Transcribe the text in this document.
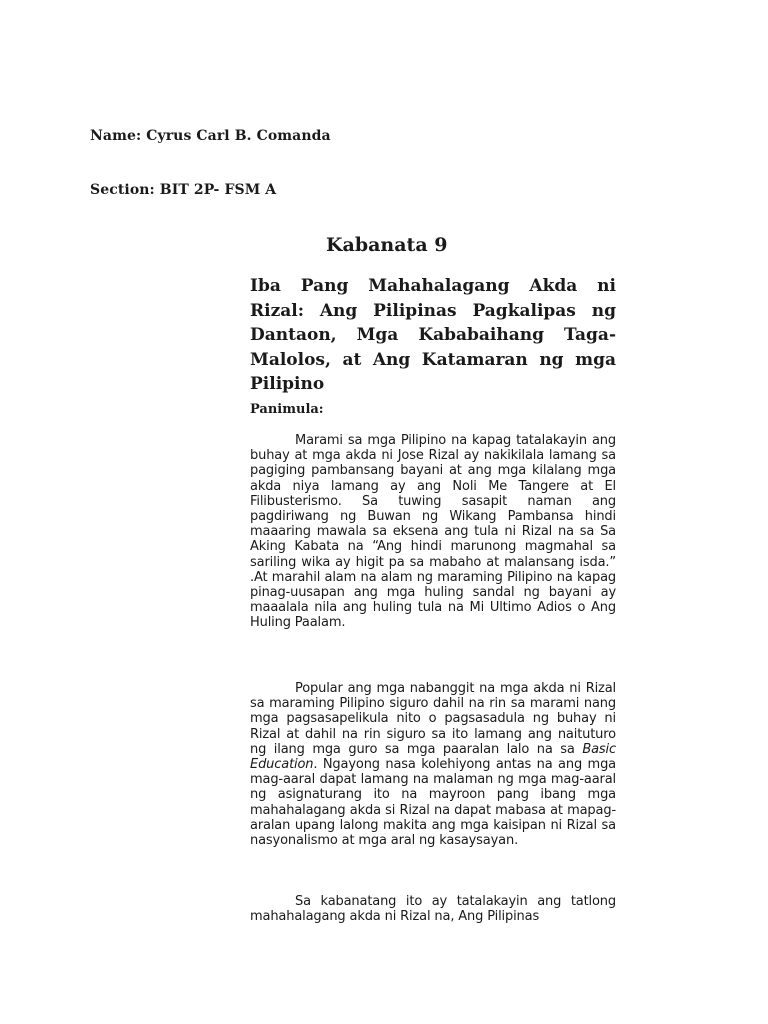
Name: Cyrus Carl B. Comanda
Section: BIT 2P- FSM A
Kabanata 9
Iba Pang Mahahalagang Akda ni Rizal: Ang Pilipinas Pagkalipas ng Dantaon, Mga Kababaihang Taga-Malolos, at Ang Katamaran ng mga Pilipino
Panimula:

Marami sa mga Pilipino na kapag tatalakayin ang buhay at mga akda ni Jose Rizal ay nakikilala lamang sa pagiging pambansang bayani at ang mga kilalang mga akda niya lamang ay ang Noli Me Tangere at El Filibusterismo. Sa tuwing sasapit naman ang pagdiriwang ng Buwan ng Wikang Pambansa hindi maaaring mawala sa eksena ang tula ni Rizal na sa Sa Aking Kabata na “Ang hindi marunong magmahal sa sariling wika ay higit pa sa mabaho at malansang isda.” .At marahil alam na alam ng maraming Pilipino na kapag pinag-uusapan ang mga huling sandal ng bayani ay maaalala nila ang huling tula na Mi Ultimo Adios o Ang Huling Paalam.

Popular ang mga nabanggit na mga akda ni Rizal sa maraming Pilipino siguro dahil na rin sa marami nang mga pagsasapelikula nito o pagsasadula ng buhay ni Rizal at dahil na rin siguro sa ito lamang ang naituturo ng ilang mga guro sa mga paaralan lalo na sa Basic Education. Ngayong nasa kolehiyong antas na ang mga mag-aaral dapat lamang na malaman ng mga mag-aaral ng asignaturang ito na mayroon pang ibang mga mahahalagang akda si Rizal na dapat mabasa at mapag-aralan upang lalong makita ang mga kaisipan ni Rizal sa nasyonalismo at mga aral ng kasaysayan.

Sa kabanatang ito ay tatalakayin ang tatlong mahahalagang akda ni Rizal na, Ang Pilipinas
